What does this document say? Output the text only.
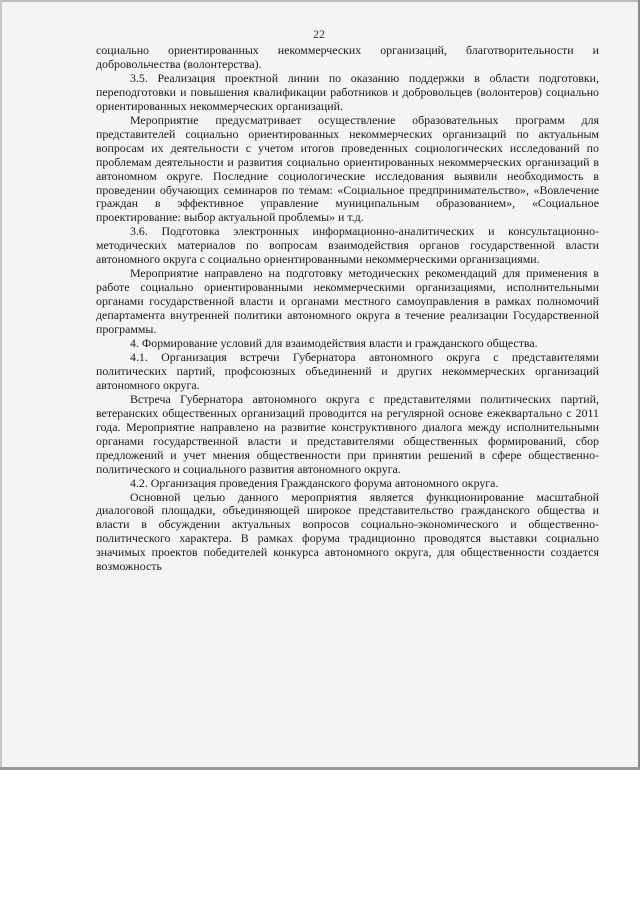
22

социально ориентированных некоммерческих организаций, благотворительности и добровольчества (волонтерства).

3.5. Реализация проектной линии по оказанию поддержки в области подготовки, переподготовки и повышения квалификации работников и добровольцев (волонтеров) социально ориентированных некоммерческих организаций.

Мероприятие предусматривает осуществление образовательных программ для представителей социально ориентированных некоммерческих организаций по актуальным вопросам их деятельности с учетом итогов проведенных социологических исследований по проблемам деятельности и развития социально ориентированных некоммерческих организаций в автономном округе. Последние социологические исследования выявили необходимость в проведении обучающих семинаров по темам: «Социальное предпринимательство», «Вовлечение граждан в эффективное управление муниципальным образованием», «Социальное проектирование: выбор актуальной проблемы» и т.д.

3.6. Подготовка электронных информационно-аналитических и консультационно-методических материалов по вопросам взаимодействия органов государственной власти автономного округа с социально ориентированными некоммерческими организациями.

Мероприятие направлено на подготовку методических рекомендаций для применения в работе социально ориентированными некоммерческими организациями, исполнительными органами государственной власти и органами местного самоуправления в рамках полномочий департамента внутренней политики автономного округа в течение реализации Государственной программы.

4. Формирование условий для взаимодействия власти и гражданского общества.

4.1. Организация встречи Губернатора автономного округа с представителями политических партий, профсоюзных объединений и других некоммерческих организаций автономного округа.

Встреча Губернатора автономного округа с представителями политических партий, ветеранских общественных организаций проводится на регулярной основе ежеквартально с 2011 года. Мероприятие направлено на развитие конструктивного диалога между исполнительными органами государственной власти и представителями общественных формирований, сбор предложений и учет мнения общественности при принятии решений в сфере общественно-политического и социального развития автономного округа.

4.2. Организация проведения Гражданского форума автономного округа.

Основной целью данного мероприятия является функционирование масштабной диалоговой площадки, объединяющей широкое представительство гражданского общества и власти в обсуждении актуальных вопросов социально-экономического и общественно-политического характера. В рамках форума традиционно проводятся выставки социально значимых проектов победителей конкурса автономного округа, для общественности создается возможность
